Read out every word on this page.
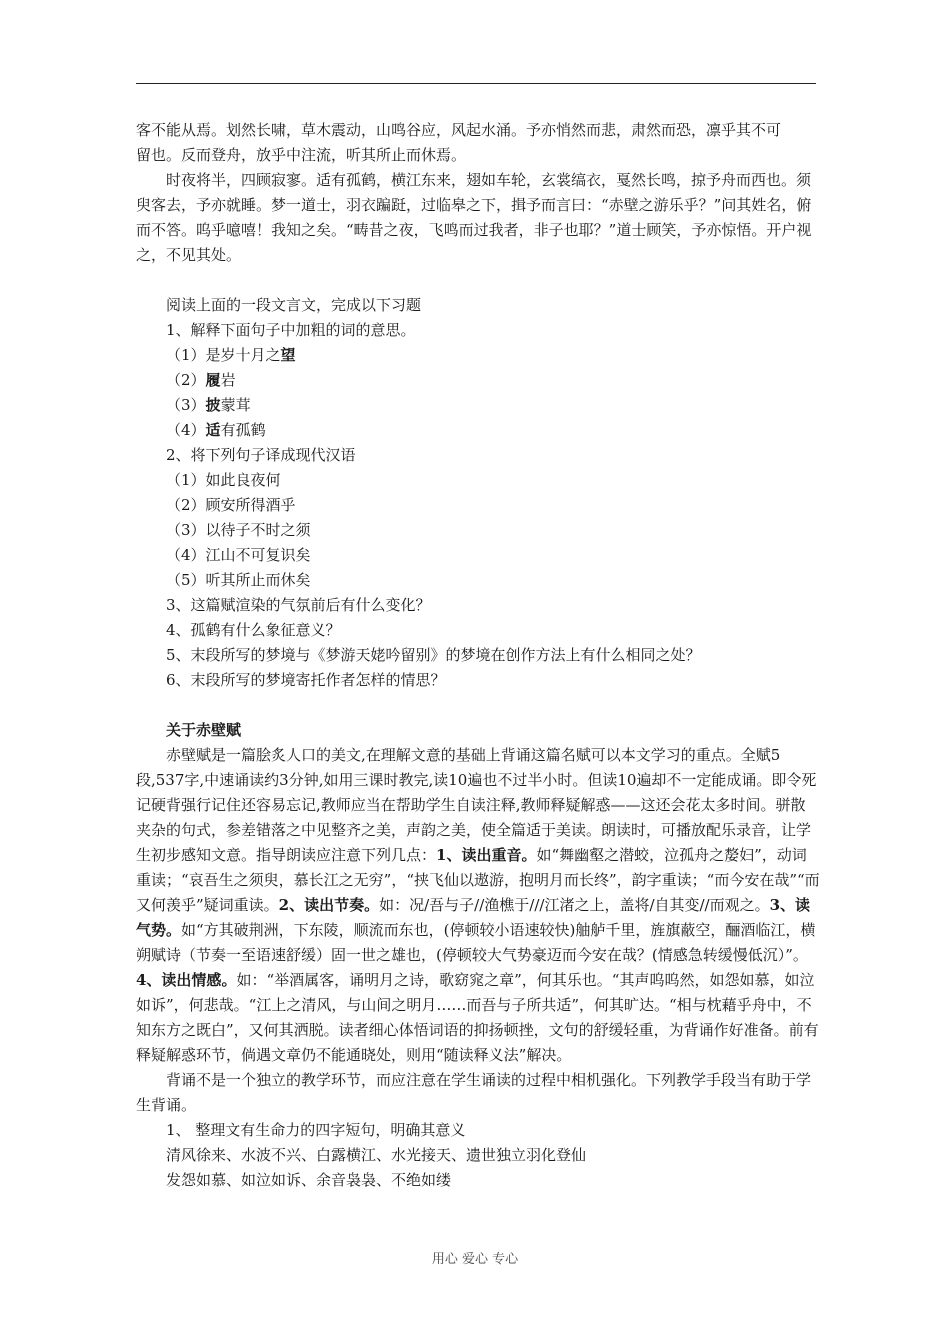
客不能从焉。划然长啸，草木震动，山鸣谷应，风起水涌。予亦悄然而悲，肃然而恐，凛乎其不可

留也。反而登舟，放乎中注流，听其所止而休焉。

时夜将半，四顾寂寥。适有孤鹤，横江东来，翅如车轮，玄裳缟衣，戛然长鸣，掠予舟而西也。须臾客去，予亦就睡。梦一道士，羽衣蹁跹，过临皋之下，揖予而言曰：“赤壁之游乐乎？”问其姓名，俯而不答。呜乎噫嘻！我知之矣。“畴昔之夜，飞鸣而过我者，非子也耶？”道士顾笑，予亦惊悟。开户视之，不见其处。

阅读上面的一段文言文，完成以下习题

1、解释下面句子中加粗的词的意思。

（1）是岁十月之望

（2）履岩

（3）披蒙茸

（4）适有孤鹤

2、将下列句子译成现代汉语

（1）如此良夜何

（2）顾安所得酒乎

（3）以待子不时之须

（4）江山不可复识矣

（5）听其所止而休矣

3、这篇赋渲染的气氛前后有什么变化？

4、孤鹤有什么象征意义？

5、末段所写的梦境与《梦游天姥吟留别》的梦境在创作方法上有什么相同之处？

6、末段所写的梦境寄托作者怎样的情思？

关于赤壁赋

赤壁赋是一篇脍炙人口的美文,在理解文意的基础上背诵这篇名赋可以本文学习的重点。全赋5段,537字,中速诵读约3分钟,如用三课时教完,读10遍也不过半小时。但读10遍却不一定能成诵。即令死记硬背强行记住还容易忘记,教师应当在帮助学生自读注释,教师释疑解惑——这还会花太多时间。骈散夹杂的句式，参差错落之中见整齐之美，声韵之美，使全篇适于美读。朗读时，可播放配乐录音，让学生初步感知文意。指导朗读应注意下列几点：1、读出重音。如“舞幽壑之潜蛟，泣孤舟之嫠妇”，动词重读；“哀吾生之须臾，慕长江之无穷”，“挟飞仙以遨游，抱明月而长终”，韵字重读；“而今安在哉”“而又何羡乎”疑词重读。2、读出节奏。如：况/吾与子//渔樵于///江渚之上，盖将/自其变//而观之。3、读气势。如“方其破荆洲，下东陵，顺流而东也，(停顿较小语速较快)舳舻千里，旌旗蔽空，酾酒临江，横朔赋诗（节奏一至语速舒缓）固一世之雄也，(停顿较大气势豪迈而今安在哉？(情感急转缓慢低沉）”。4、读出情感。如：“举酒属客，诵明月之诗，歌窈窕之章”，何其乐也。“其声呜呜然，如怨如慕，如泣如诉”，何悲哉。“江上之清风，与山间之明月……而吾与子所共适”，何其旷达。“相与枕藉乎舟中，不知东方之既白”，又何其洒脱。读者细心体悟词语的抑扬顿挫，文句的舒缓轻重，为背诵作好准备。前有释疑解惑环节，倘遇文章仍不能通晓处，则用“随读释义法”解决。

背诵不是一个独立的教学环节，而应注意在学生诵读的过程中相机强化。下列教学手段当有助于学生背诵。

1、 整理文有生命力的四字短句，明确其意义

清风徐来、水波不兴、白露横江、水光接天、遗世独立羽化登仙

发怨如慕、如泣如诉、余音袅袅、不绝如缕

用心 爱心 专心
